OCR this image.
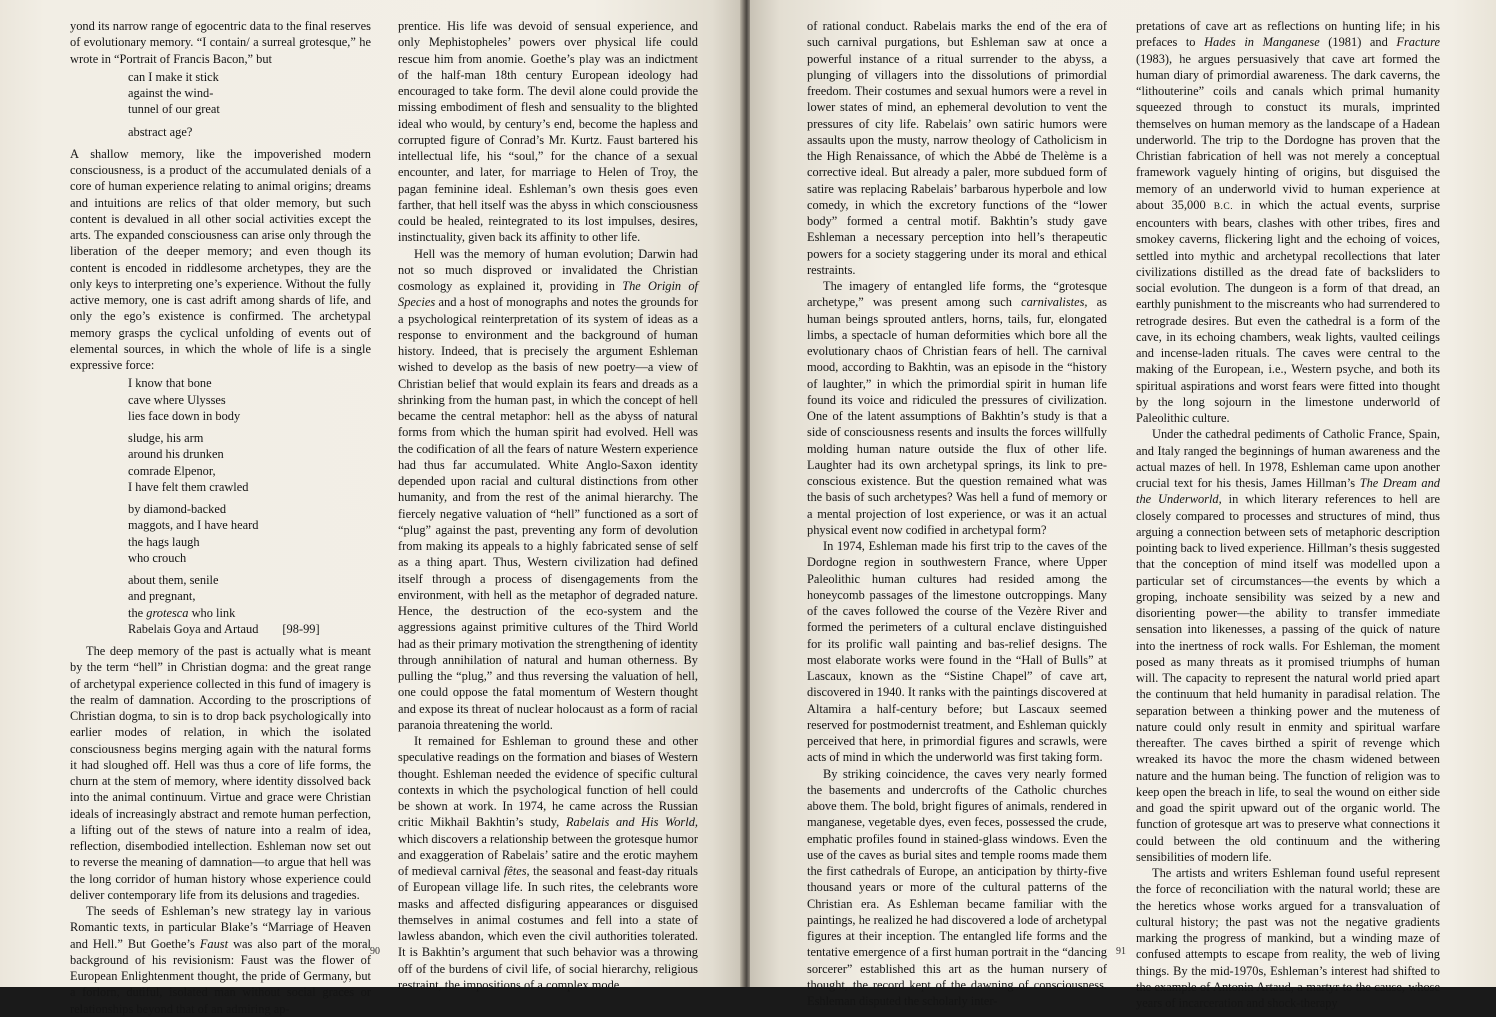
yond its narrow range of egocentric data to the final reserves of evolutionary memory. “I contain/ a surreal grotesque,” he wrote in “Portrait of Francis Bacon,” but

can I make it stick
against the wind-
tunnel of our great
abstract age?

A shallow memory, like the impoverished modern consciousness, is a product of the accumulated denials of a core of human experience relating to animal origins; dreams and intuitions are relics of that older memory, but such content is devalued in all other social activities except the arts. The expanded consciousness can arise only through the liberation of the deeper memory; and even though its content is encoded in riddlesome archetypes, they are the only keys to interpreting one’s experience. Without the fully active memory, one is cast adrift among shards of life, and only the ego’s existence is confirmed. The archetypal memory grasps the cyclical unfolding of events out of elemental sources, in which the whole of life is a single expressive force:

I know that bone
cave where Ulysses
lies face down in body
sludge, his arm
around his drunken
comrade Elpenor,
I have felt them crawled
by diamond-backed
maggots, and I have heard
the hags laugh
who crouch
about them, senile
and pregnant,
the grotesca who link
Rabelais Goya and Artaud [98-99]

The deep memory of the past is actually what is meant by the term “hell” in Christian dogma: and the great range of archetypal experience collected in this fund of imagery is the realm of damnation. According to the proscriptions of Christian dogma, to sin is to drop back psychologically into earlier modes of relation, in which the isolated consciousness begins merging again with the natural forms it had sloughed off. Hell was thus a core of life forms, the churn at the stem of memory, where identity dissolved back into the animal continuum. Virtue and grace were Christian ideals of increasingly abstract and remote human perfection, a lifting out of the stews of nature into a realm of idea, reflection, disembodied intellection. Eshleman now set out to reverse the meaning of damnation—to argue that hell was the long corridor of human history whose experience could deliver contemporary life from its delusions and tragedies.

The seeds of Eshleman’s new strategy lay in various Romantic texts, in particular Blake’s “Marriage of Heaven and Hell.” But Goethe’s Faust was also part of the moral background of his revisionism: Faust was the flower of European Enlightenment thought, the pride of Germany, but a forlorn, dutiful, isolated man without social graces or relationships beyond that of an admiring ap-

prentice. His life was devoid of sensual experience, and only Mephistopheles’ powers over physical life could rescue him from anomie. Goethe’s play was an indictment of the half-man 18th century European ideology had encouraged to take form. The devil alone could provide the missing embodiment of flesh and sensuality to the blighted ideal who would, by century’s end, become the hapless and corrupted figure of Conrad’s Mr. Kurtz. Faust bartered his intellectual life, his “soul,” for the chance of a sexual encounter, and later, for marriage to Helen of Troy, the pagan feminine ideal. Eshleman’s own thesis goes even farther, that hell itself was the abyss in which consciousness could be healed, reintegrated to its lost impulses, desires, instinctuality, given back its affinity to other life.

Hell was the memory of human evolution; Darwin had not so much disproved or invalidated the Christian cosmology as explained it, providing in The Origin of Species and a host of monographs and notes the grounds for a psychological reinterpretation of its system of ideas as a response to environment and the background of human history. Indeed, that is precisely the argument Eshleman wished to develop as the basis of new poetry—a view of Christian belief that would explain its fears and dreads as a shrinking from the human past, in which the concept of hell became the central metaphor: hell as the abyss of natural forms from which the human spirit had evolved. Hell was the codification of all the fears of nature Western experience had thus far accumulated. White Anglo-Saxon identity depended upon racial and cultural distinctions from other humanity, and from the rest of the animal hierarchy. The fiercely negative valuation of “hell” functioned as a sort of “plug” against the past, preventing any form of devolution from making its appeals to a highly fabricated sense of self as a thing apart. Thus, Western civilization had defined itself through a process of disengagements from the environment, with hell as the metaphor of degraded nature. Hence, the destruction of the eco-system and the aggressions against primitive cultures of the Third World had as their primary motivation the strengthening of identity through annihilation of natural and human otherness. By pulling the “plug,” and thus reversing the valuation of hell, one could oppose the fatal momentum of Western thought and expose its threat of nuclear holocaust as a form of racial paranoia threatening the world.

It remained for Eshleman to ground these and other speculative readings on the formation and biases of Western thought. Eshleman needed the evidence of specific cultural contexts in which the psychological function of hell could be shown at work. In 1974, he came across the Russian critic Mikhail Bakhtin’s study, Rabelais and His World, which discovers a relationship between the grotesque humor and exaggeration of Rabelais’ satire and the erotic mayhem of medieval carnival fêtes, the seasonal and feast-day rituals of European village life. In such rites, the celebrants wore masks and affected disfiguring appearances or disguised themselves in animal costumes and fell into a state of lawless abandon, which even the civil authorities tolerated. It is Bakhtin’s argument that such behavior was a throwing off of the burdens of civil life, of social hierarchy, religious restraint, the impositions of a complex mode

90

of rational conduct. Rabelais marks the end of the era of such carnival purgations, but Eshleman saw at once a powerful instance of a ritual surrender to the abyss, a plunging of villagers into the dissolutions of primordial freedom. Their costumes and sexual humors were a revel in lower states of mind, an ephemeral devolution to vent the pressures of city life. Rabelais’ own satiric humors were assaults upon the musty, narrow theology of Catholicism in the High Renaissance, of which the Abbé de Thelème is a corrective ideal. But already a paler, more subdued form of satire was replacing Rabelais’ barbarous hyperbole and low comedy, in which the excretory functions of the “lower body” formed a central motif. Bakhtin’s study gave Eshleman a necessary perception into hell’s therapeutic powers for a society staggering under its moral and ethical restraints.

The imagery of entangled life forms, the “grotesque archetype,” was present among such carnivalistes, as human beings sprouted antlers, horns, tails, fur, elongated limbs, a spectacle of human deformities which bore all the evolutionary chaos of Christian fears of hell. The carnival mood, according to Bakhtin, was an episode in the “history of laughter,” in which the primordial spirit in human life found its voice and ridiculed the pressures of civilization. One of the latent assumptions of Bakhtin’s study is that a side of consciousness resents and insults the forces willfully molding human nature outside the flux of other life. Laughter had its own archetypal springs, its link to pre-conscious existence. But the question remained what was the basis of such archetypes? Was hell a fund of memory or a mental projection of lost experience, or was it an actual physical event now codified in archetypal form?

In 1974, Eshleman made his first trip to the caves of the Dordogne region in southwestern France, where Upper Paleolithic human cultures had resided among the honeycomb passages of the limestone outcroppings. Many of the caves followed the course of the Vezère River and formed the perimeters of a cultural enclave distinguished for its prolific wall painting and bas-relief designs. The most elaborate works were found in the “Hall of Bulls” at Lascaux, known as the “Sistine Chapel” of cave art, discovered in 1940. It ranks with the paintings discovered at Altamira a half-century before; but Lascaux seemed reserved for postmodernist treatment, and Eshleman quickly perceived that here, in primordial figures and scrawls, were acts of mind in which the underworld was first taking form.

By striking coincidence, the caves very nearly formed the basements and undercrofts of the Catholic churches above them. The bold, bright figures of animals, rendered in manganese, vegetable dyes, even feces, possessed the crude, emphatic profiles found in stained-glass windows. Even the use of the caves as burial sites and temple rooms made them the first cathedrals of Europe, an anticipation by thirty-five thousand years or more of the cultural patterns of the Christian era. As Eshleman became familiar with the paintings, he realized he had discovered a lode of archetypal figures at their inception. The entangled life forms and the tentative emergence of a first human portrait in the “dancing sorcerer” established this art as the human nursery of thought, the record kept of the dawning of consciousness. Eshleman disputed the scholarly inter-

pretations of cave art as reflections on hunting life; in his prefaces to Hades in Manganese (1981) and Fracture (1983), he argues persuasively that cave art formed the human diary of primordial awareness. The dark caverns, the “lithouterine” coils and canals which primal humanity squeezed through to constuct its murals, imprinted themselves on human memory as the landscape of a Hadean underworld. The trip to the Dordogne has proven that the Christian fabrication of hell was not merely a conceptual framework vaguely hinting of origins, but disguised the memory of an underworld vivid to human experience at about 35,000 B.C. in which the actual events, surprise encounters with bears, clashes with other tribes, fires and smokey caverns, flickering light and the echoing of voices, settled into mythic and archetypal recollections that later civilizations distilled as the dread fate of backsliders to social evolution. The dungeon is a form of that dread, an earthly punishment to the miscreants who had surrendered to retrograde desires. But even the cathedral is a form of the cave, in its echoing chambers, weak lights, vaulted ceilings and incense-laden rituals. The caves were central to the making of the European, i.e., Western psyche, and both its spiritual aspirations and worst fears were fitted into thought by the long sojourn in the limestone underworld of Paleolithic culture.

Under the cathedral pediments of Catholic France, Spain, and Italy ranged the beginnings of human awareness and the actual mazes of hell. In 1978, Eshleman came upon another crucial text for his thesis, James Hillman’s The Dream and the Underworld, in which literary references to hell are closely compared to processes and structures of mind, thus arguing a connection between sets of metaphoric description pointing back to lived experience. Hillman’s thesis suggested that the conception of mind itself was modelled upon a particular set of circumstances—the events by which a groping, inchoate sensibility was seized by a new and disorienting power—the ability to transfer immediate sensation into likenesses, a passing of the quick of nature into the inertness of rock walls. For Eshleman, the moment posed as many threats as it promised triumphs of human will. The capacity to represent the natural world pried apart the continuum that held humanity in paradisal relation. The separation between a thinking power and the muteness of nature could only result in enmity and spiritual warfare thereafter. The caves birthed a spirit of revenge which wreaked its havoc the more the chasm widened between nature and the human being. The function of religion was to keep open the breach in life, to seal the wound on either side and goad the spirit upward out of the organic world. The function of grotesque art was to preserve what connections it could between the old continuum and the withering sensibilities of modern life.

The artists and writers Eshleman found useful represent the force of reconciliation with the natural world; these are the heretics whose works argued for a transvaluation of cultural history; the past was not the negative gradients marking the progress of mankind, but a winding maze of confused attempts to escape from reality, the web of living things. By the mid-1970s, Eshleman’s interest had shifted to the example of Antonin Artaud, a martyr to the cause, whose years of incarceration and shock-therapy

91
